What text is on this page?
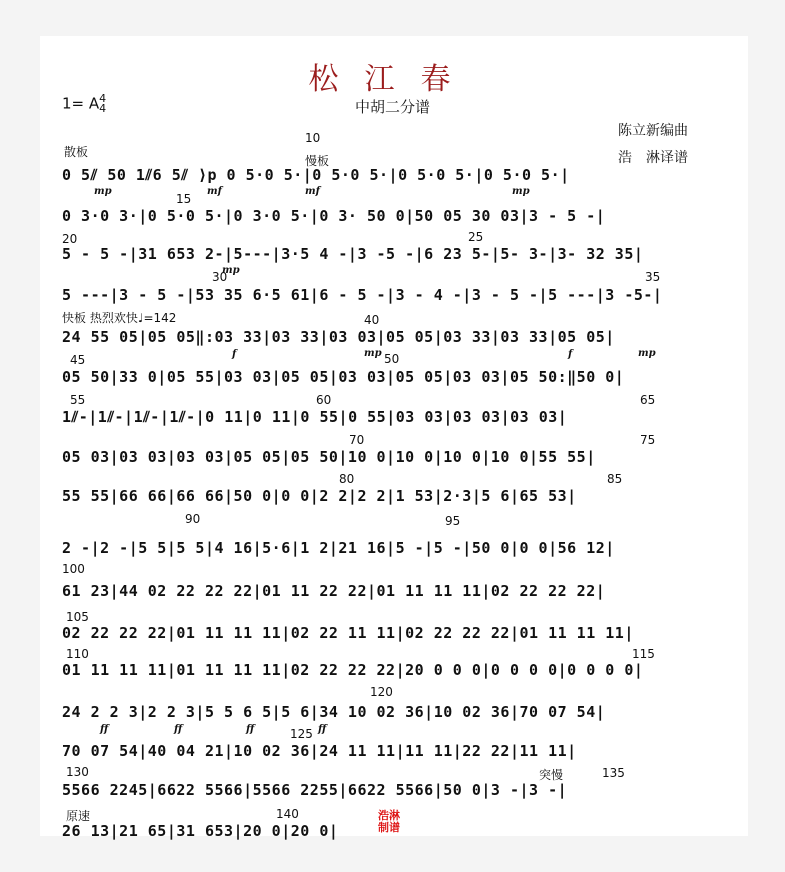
松江春
1= A4
4	中胡二分谱
陈立新编曲
浩　淋译谱
散板
10
慢板
15
20	25
30	35
快板 热烈欢快♩=142	40
45	50
55	60	65
70	75
80	85
90	95
100
105
110	115
120
125
130	突慢	135
原速	140
0 5⫽ 50 1⫽6 5⫽ ⟩p 0 5·0 5·|0 5·0 5·|0 5·0 5·|0 5·0 5·|
0 3·0 3·|0 5·0 5·|0 3·0 5·|0 3· 50 0|50 05 30 03|3 - 5 -|
5 - 5 -|31 653 2-|5---|3·5 4 -|3 -5 -|6 23 5-|5- 3-|3- 32 35|
5 ---|3 - 5 -|53 35 6·5 61|6 - 5 -|3 - 4 -|3 - 5 -|5 ---|3 -5-|
24 55 05|05 05‖:03 33|03 33|03 03|05 05|03 33|03 33|05 05|
05 50|33 0|05 55|03 03|05 05|03 03|05 05|03 03|05 50:‖50 0|
1⫽-|1⫽-|1⫽-|1⫽-|0 11|0 11|0 55|0 55|03 03|03 03|03 03|
05 03|03 03|03 03|05 05|05 50|10 0|10 0|10 0|10 0|55 55|
55 55|66 66|66 66|50 0|0 0|2 2|2 2|1 53|2·3|5 6|65 53|
2 -|2 -|5 5|5 5|4 16|5·6|1 2|21 16|5 -|5 -|50 0|0 0|56 12|
61 23|44 02 22 22 22|01 11 22 22|01 11 11 11|02 22 22 22|
02 22 22 22|01 11 11 11|02 22 11 11|02 22 22 22|01 11 11 11|
01 11 11 11|01 11 11 11|02 22 22 22|20 0 0 0|0 0 0 0|0 0 0 0|
24 2 2 3|2 2 3|5 5 6 5|5 6|34 10 02 36|10 02 36|70 07 54|
70 07 54|40 04 21|10 02 36|24 11 11|11 11|22 22|11 11|
5566 2245|6622 5566|5566 2255|6622 5566|50 0|3 -|3 -|
26 13|21 65|31 653|20 0|20 0|
mp	mf	mf	mp
mp
f	mp	f	mp
ff	ff	ff	ff
浩淋
制谱
